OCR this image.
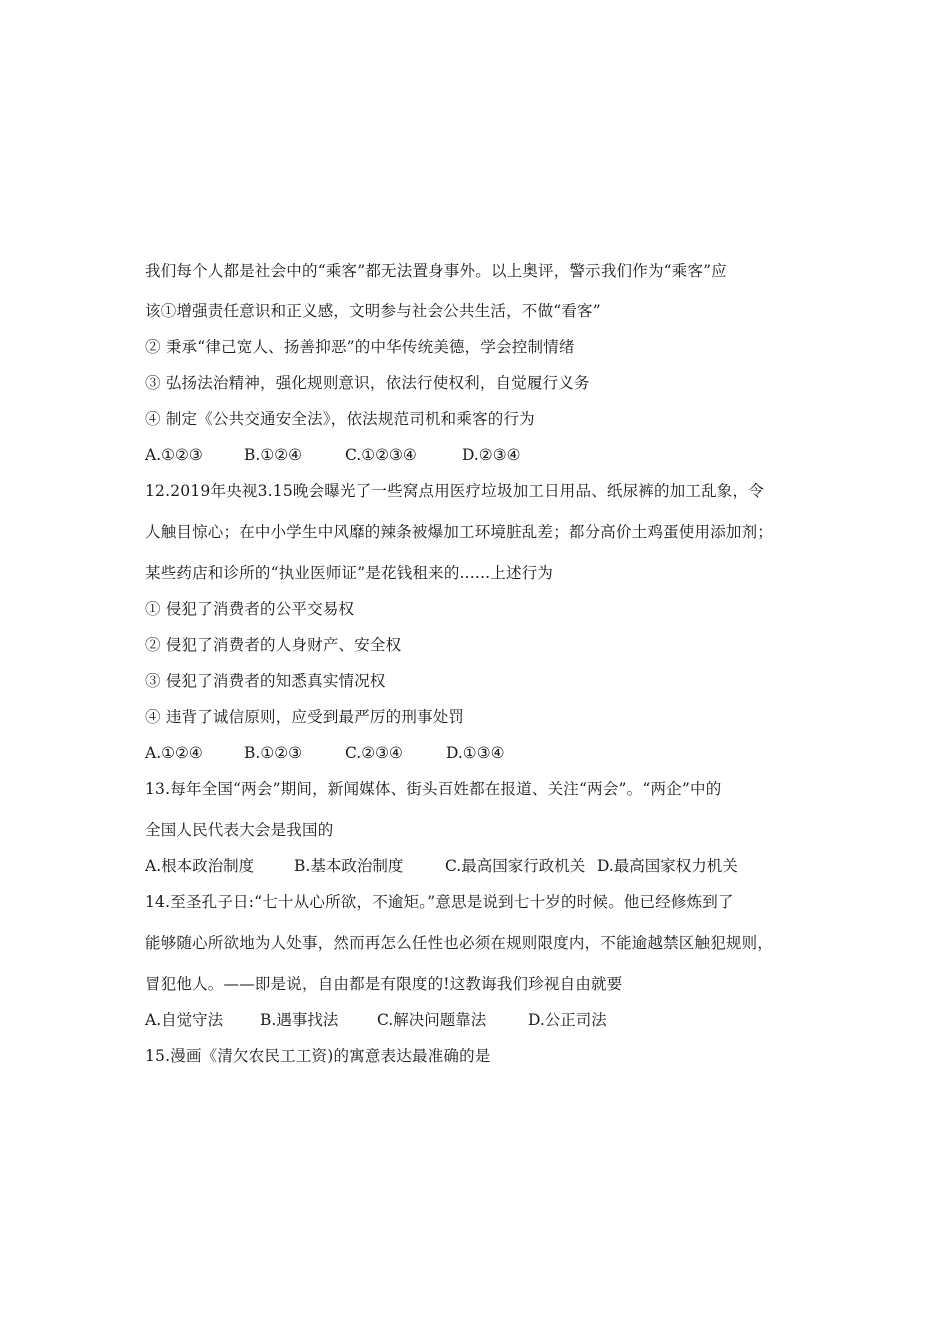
我们每个人都是社会中的“乘客”都无法置身事外。以上奥评，警示我们作为“乘客”应
该①增强责任意识和正义感，文明参与社会公共生活，不做“看客”
② 秉承“律己宽人、扬善抑恶”的中华传统美德，学会控制情绪
③ 弘扬法治精神，强化规则意识，依法行使权利，自觉履行义务
④ 制定《公共交通安全法》，依法规范司机和乘客的行为
A.①②③	B.①②④	C.①②③④	D.②③④
12.2019年央视3.15晚会曝光了一些窝点用医疗垃圾加工日用品、纸尿裤的加工乱象，令
人触目惊心；在中小学生中风靡的辣条被爆加工环境脏乱差；都分高价土鸡蛋使用添加剂；
某些药店和诊所的“执业医师证”是花钱租来的......上述行为
① 侵犯了消费者的公平交易权
② 侵犯了消费者的人身财产、安全权
③ 侵犯了消费者的知悉真实情况权
④ 违背了诚信原则，应受到最严厉的刑事处罚
A.①②④	B.①②③	C.②③④	D.①③④
13.每年全国“两会”期间，新闻媒体、街头百姓都在报道、关注“两会”。“两企”中的
全国人民代表大会是我国的
A.根本政治制度	B.基本政治制度	C.最高国家行政机关 D.最高国家权力机关
14.至圣孔子日:“七十从心所欲，不逾矩。”意思是说到七十岁的时候。他已经修炼到了
能够随心所欲地为人处事，然而再怎么任性也必须在规则限度内，不能逾越禁区触犯规则，
冒犯他人。——即是说，自由都是有限度的!这教诲我们珍视自由就要
A.自觉守法 B.遇事找法 C.解决问题靠法	D.公正司法
15.漫画《清欠农民工工资)的寓意表达最准确的是
